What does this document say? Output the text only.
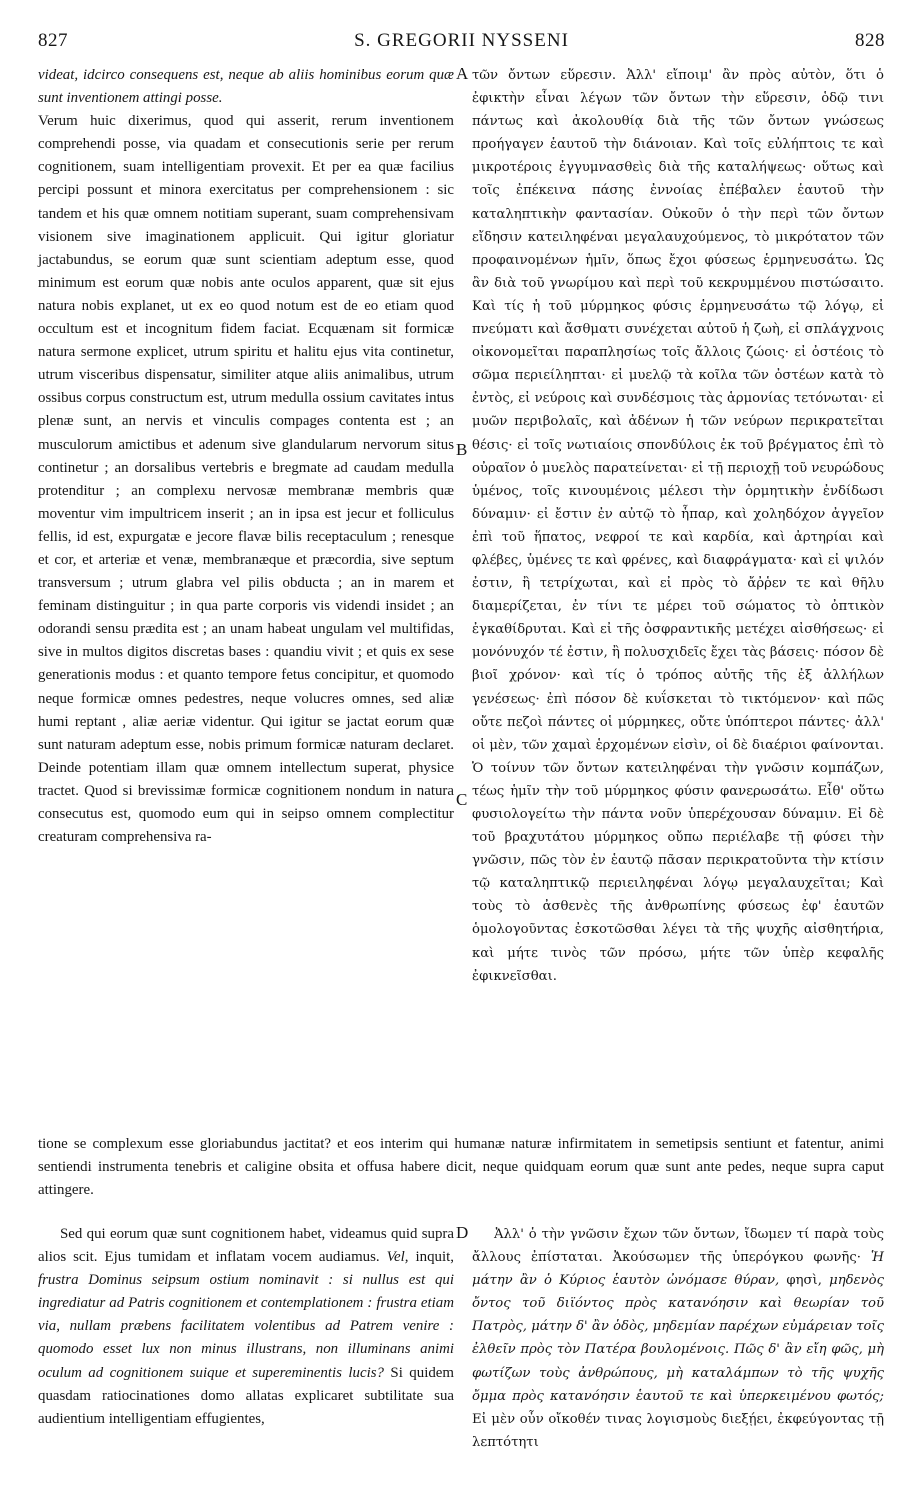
827	S. GREGORII NYSSENI	828
A
B
C
D

videat, idcirco consequens est, neque ab aliis hominibus eorum quæ sunt inventionem attingi posse.

Verum huic dixerimus, quod qui asserit, rerum inventionem comprehendi posse, via quadam et consecutionis serie per rerum cognitionem, suam intelligentiam provexit. Et per ea quæ facilius percipi possunt et minora exercitatus per comprehensionem : sic tandem et his quæ omnem notitiam superant, suam comprehensivam visionem sive imaginationem applicuit. Qui igitur gloriatur jactabundus, se eorum quæ sunt scientiam adeptum esse, quod minimum est eorum quæ nobis ante oculos apparent, quæ sit ejus natura nobis explanet, ut ex eo quod notum est de eo etiam quod occultum est et incognitum fidem faciat. Ecquænam sit formicæ natura sermone explicet, utrum spiritu et halitu ejus vita continetur, utrum visceribus dispensatur, similiter atque aliis animalibus, utrum ossibus corpus constructum est, utrum medulla ossium cavitates intus plenæ sunt, an nervis et vinculis compages contenta est ; an musculorum amictibus et adenum sive glandularum nervorum situs continetur ; an dorsalibus vertebris e bregmate ad caudam medulla protenditur ; an complexu nervosæ membranæ membris quæ moventur vim impultricem inserit ; an in ipsa est jecur et folliculus fellis, id est, expurgatæ e jecore flavæ bilis receptaculum ; renesque et cor, et arteriæ et venæ, membranæque et præcordia, sive septum transversum ; utrum glabra vel pilis obducta ; an in marem et feminam distinguitur ; in qua parte corporis vis videndi insidet ; an odorandi sensu prædita est ; an unam habeat ungulam vel multifidas, sive in multos digitos discretas bases : quandiu vivit ; et quis ex sese generationis modus : et quanto tempore fetus concipitur, et quomodo neque formicæ omnes pedestres, neque volucres omnes, sed aliæ humi reptant , aliæ aeriæ videntur. Qui igitur se jactat eorum quæ sunt naturam adeptum esse, nobis primum formicæ naturam declaret. Deinde potentiam illam quæ omnem intellectum superat, physice tractet. Quod si brevissimæ formicæ cognitionem nondum in natura consecutus est, quomodo eum qui in seipso omnem complectitur creaturam comprehensiva ra-

τῶν ὄντων εὕρεσιν. Ἀλλ' εἴποιμ' ἂν πρὸς αὐτὸν, ὅτι ὁ ἐφικτὴν εἶναι λέγων τῶν ὄντων τὴν εὕρεσιν, ὁδῷ τινι πάντως καὶ ἀκολουθίᾳ διὰ τῆς τῶν ὄντων γνώσεως προήγαγεν ἑαυτοῦ τὴν διάνοιαν. Καὶ τοῖς εὐλήπτοις τε καὶ μικροτέροις ἐγγυμνασθεὶς διὰ τῆς καταλήψεως· οὕτως καὶ τοῖς ἐπέκεινα πάσης ἐννοίας ἐπέβαλεν ἑαυτοῦ τὴν καταληπτικὴν φαντασίαν. Οὐκοῦν ὁ τὴν περὶ τῶν ὄντων εἴδησιν κατειληφέναι μεγαλαυχούμενος, τὸ μικρότατον τῶν προφαινομένων ἡμῖν, ὅπως ἔχοι φύσεως ἑρμηνευσάτω. Ὡς ἂν διὰ τοῦ γνωρίμου καὶ περὶ τοῦ κεκρυμμένου πιστώσαιτο. Καὶ τίς ἡ τοῦ μύρμηκος φύσις ἑρμηνευσάτω τῷ λόγῳ, εἰ πνεύματι καὶ ἄσθματι συνέχεται αὐτοῦ ἡ ζωὴ, εἰ σπλάγχνοις οἰκονομεῖται παραπλησίως τοῖς ἄλλοις ζώοις· εἰ ὀστέοις τὸ σῶμα περιείληπται· εἰ μυελῷ τὰ κοῖλα τῶν ὀστέων κατὰ τὸ ἐντὸς, εἰ νεύροις καὶ συνδέσμοις τὰς ἁρμονίας τετόνωται· εἰ μυῶν περιβολαῖς, καὶ ἀδένων ἡ τῶν νεύρων περικρατεῖται θέσις· εἰ τοῖς νωτιαίοις σπονδύλοις ἐκ τοῦ βρέγματος ἐπὶ τὸ οὐραῖον ὁ μυελὸς παρατείνεται· εἰ τῇ περιοχῇ τοῦ νευρώδους ὑμένος, τοῖς κινουμένοις μέλεσι τὴν ὁρμητικὴν ἐνδίδωσι δύναμιν· εἰ ἔστιν ἐν αὐτῷ τὸ ἧπαρ, καὶ χοληδόχον ἀγγεῖον ἐπὶ τοῦ ἥπατος, νεφροί τε καὶ καρδία, καὶ ἀρτηρίαι καὶ φλέβες, ὑμένες τε καὶ φρένες, καὶ διαφράγματα· καὶ εἰ ψιλόν ἐστιν, ἢ τετρίχωται, καὶ εἰ πρὸς τὸ ἄῤῥεν τε καὶ θῆλυ διαμερίζεται, ἐν τίνι τε μέρει τοῦ σώματος τὸ ὀπτικὸν ἐγκαθίδρυται. Καὶ εἰ τῆς ὀσφραντικῆς μετέχει αἰσθήσεως· εἰ μονόνυχόν τέ ἐστιν, ἢ πολυσχιδεῖς ἔχει τὰς βάσεις· πόσον δὲ βιοῖ χρόνον· καὶ τίς ὁ τρόπος αὐτῆς τῆς ἐξ ἀλλήλων γενέσεως· ἐπὶ πόσον δὲ κυΐσκεται τὸ τικτόμενον· καὶ πῶς οὔτε πεζοὶ πάντες οἱ μύρμηκες, οὔτε ὑπόπτεροι πάντες· ἀλλ' οἱ μὲν, τῶν χαμαὶ ἑρχομένων εἰσὶν, οἱ δὲ διαέριοι φαίνονται. Ὁ τοίνυν τῶν ὄντων κατειληφέναι τὴν γνῶσιν κομπάζων, τέως ἡμῖν τὴν τοῦ μύρμηκος φύσιν φανερωσάτω. Εἶθ' οὕτω φυσιολογείτω τὴν πάντα νοῦν ὑπερέχουσαν δύναμιν. Εἰ δὲ τοῦ βραχυτάτου μύρμηκος οὔπω περιέλαβε τῇ φύσει τὴν γνῶσιν, πῶς τὸν ἐν ἑαυτῷ πᾶσαν περικρατοῦντα τὴν κτίσιν τῷ καταληπτικῷ περιειληφέναι λόγῳ μεγαλαυχεῖται; Καὶ τοὺς τὸ ἀσθενὲς τῆς ἀνθρωπίνης φύσεως ἐφ' ἑαυτῶν ὁμολογοῦντας ἐσκοτῶσθαι λέγει τὰ τῆς ψυχῆς αἰσθητήρια, καὶ μήτε τινὸς τῶν πρόσω, μήτε τῶν ὑπὲρ κεφαλῆς ἐφικνεῖσθαι.

tione se complexum esse gloriabundus jactitat? et eos interim qui humanæ naturæ infirmitatem in semetipsis sentiunt et fatentur, animi sentiendi instrumenta tenebris et caligine obsita et offusa habere dicit, neque quidquam eorum quæ sunt ante pedes, neque supra caput attingere.

Sed qui eorum quæ sunt cognitionem habet, videamus quid supra alios scit. Ejus tumidam et inflatam vocem audiamus. Vel, inquit, frustra Dominus seipsum ostium nominavit : si nullus est qui ingrediatur ad Patris cognitionem et contemplationem : frustra etiam via, nullam præbens facilitatem volentibus ad Patrem venire : quomodo esset lux non minus illustrans, non illuminans animi oculum ad cognitionem suique et supereminentis lucis? Si quidem quasdam ratiocinationes domo allatas explicaret subtilitate sua audientium intelligentiam effugientes,

Ἀλλ' ὁ τὴν γνῶσιν ἔχων τῶν ὄντων, ἴδωμεν τί παρὰ τοὺς ἄλλους ἐπίσταται. Ἀκούσωμεν τῆς ὑπερόγκου φωνῆς· Ἡ μάτην ἂν ὁ Κύριος ἑαυτὸν ὠνόμασε θύραν, φησὶ, μηδενὸς ὄντος τοῦ διϊόντος πρὸς κατανόησιν καὶ θεωρίαν τοῦ Πατρὸς, μάτην δ' ἂν ὁδὸς, μηδεμίαν παρέχων εὐμάρειαν τοῖς ἐλθεῖν πρὸς τὸν Πατέρα βουλομένοις. Πῶς δ' ἂν εἴη φῶς, μὴ φωτίζων τοὺς ἀνθρώπους, μὴ καταλάμπων τὸ τῆς ψυχῆς ὄμμα πρὸς κατανόησιν ἑαυτοῦ τε καὶ ὑπερκειμένου φωτός; Εἰ μὲν οὖν οἴκοθέν τινας λογισμοὺς διεξῄει, ἐκφεύγοντας τῇ λεπτότητι
